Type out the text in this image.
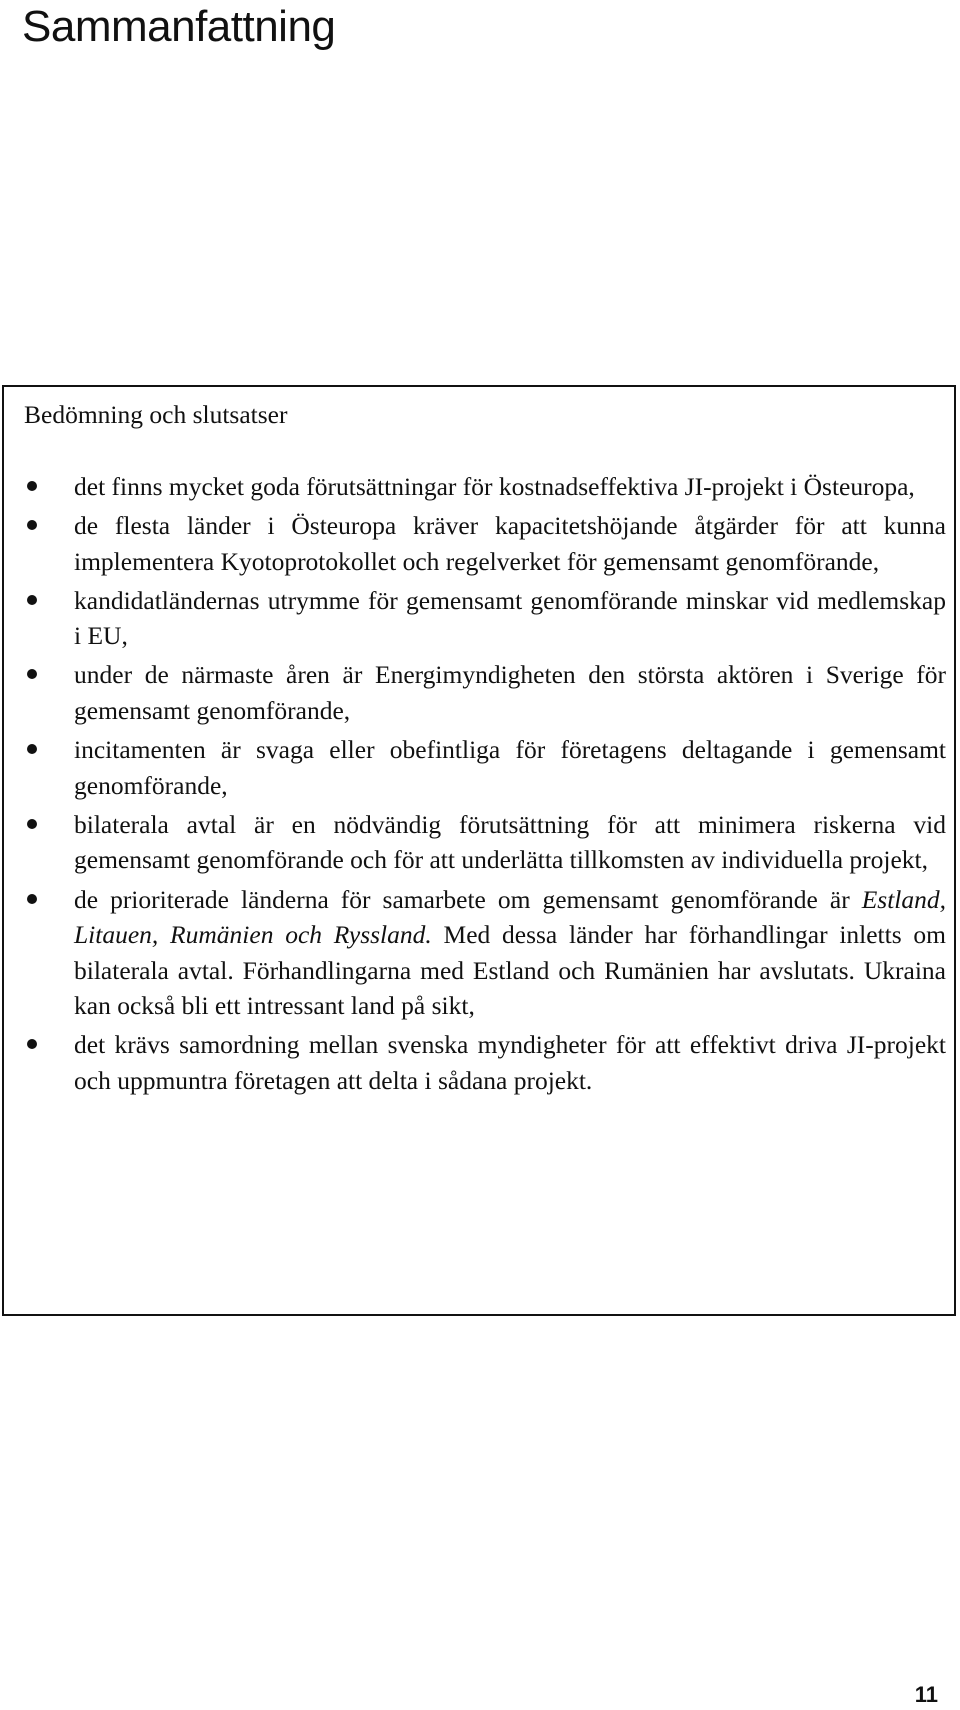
Sammanfattning

Bedömning och slutsatser

det finns mycket goda förutsättningar för kostnadseffektiva JI-projekt i Östeuropa,
de flesta länder i Östeuropa kräver kapacitetshöjande åtgärder för att kunna implementera Kyotoprotokollet och regelverket för gemensamt genomförande,
kandidatländernas utrymme för gemensamt genomförande minskar vid medlemskap i EU,
under de närmaste åren är Energimyndigheten den största aktören i Sverige för gemensamt genomförande,
incitamenten är svaga eller obefintliga för företagens deltagande i gemensamt genomförande,
bilaterala avtal är en nödvändig förutsättning för att minimera riskerna vid gemensamt genomförande och för att underlätta tillkomsten av individuella projekt,
de prioriterade länderna för samarbete om gemensamt genomförande är Estland, Litauen, Rumänien och Ryssland. Med dessa länder har förhandlingar inletts om bilaterala avtal. Förhandlingarna med Estland och Rumänien har avslutats. Ukraina kan också bli ett intressant land på sikt,
det krävs samordning mellan svenska myndigheter för att effektivt driva JI-projekt och uppmuntra företagen att delta i sådana projekt.
11
